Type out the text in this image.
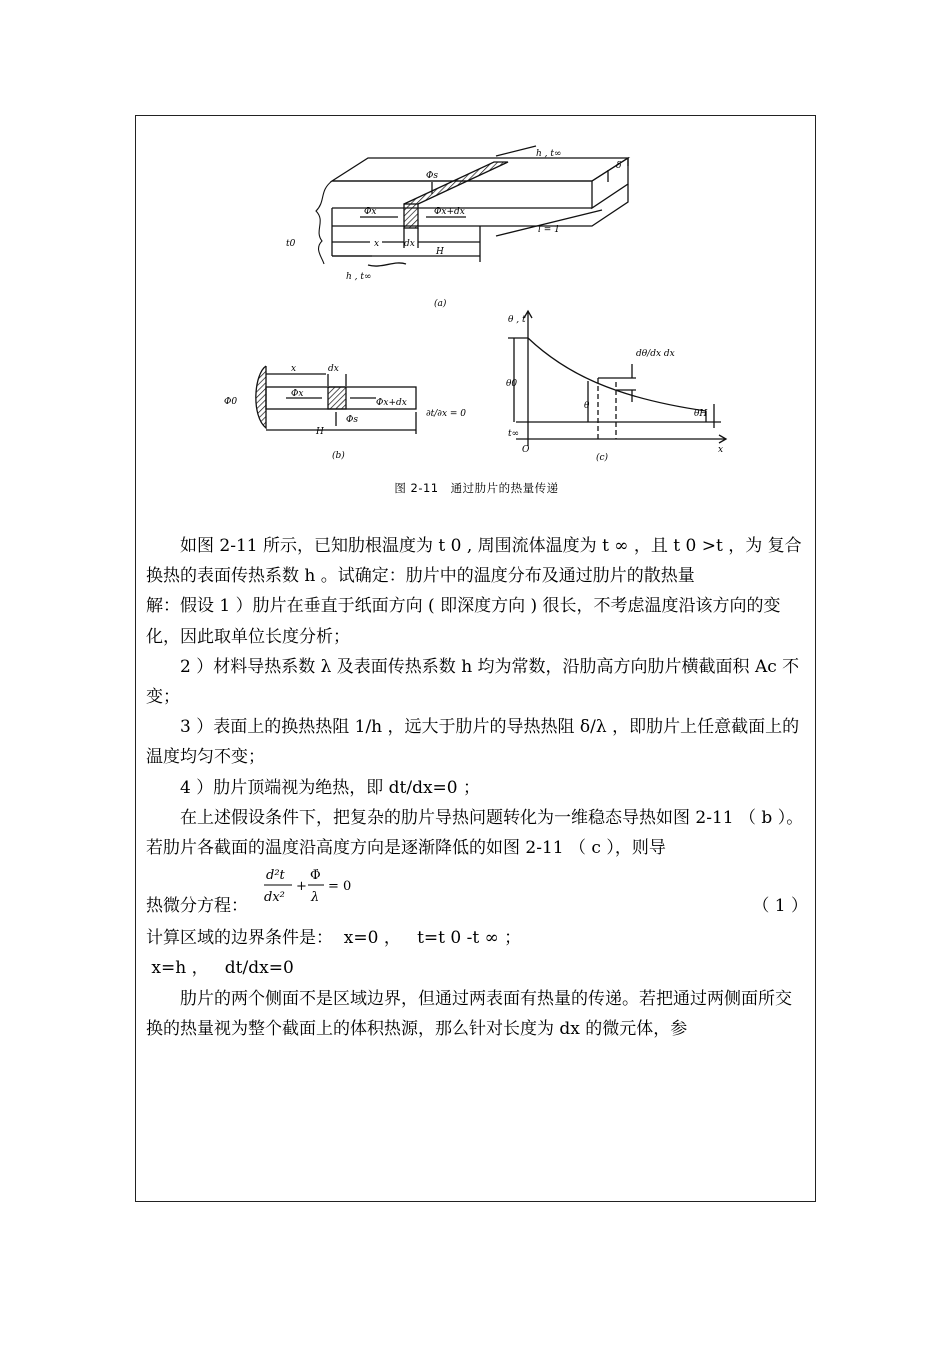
h , t∞
h , t∞
Φs
Φx	Φx+dx
δ
x	dx
H
l = 1
t0
(a)
Φ0
Φx
Φx+dx
Φs
x	dx
H
∂t/∂x = 0
(b)
θ , t
θ0
θ
θH
dθ/dx dx
t∞
O	x
(c)
图 2-11　通过肋片的热量传递

如图 2-11 所示，已知肋根温度为 t 0 , 周围流体温度为 t ∞ ，且 t 0 >t ，为 复合换热的表面传热系数 h 。试确定：肋片中的温度分布及通过肋片的散热量

解：假设 1 ）肋片在垂直于纸面方向 ( 即深度方向 ) 很长，不考虑温度沿该方向的变化，因此取单位长度分析；

2 ）材料导热系数 λ 及表面传热系数 h 均为常数，沿肋高方向肋片横截面积 Ac 不变；

3 ）表面上的换热热阻 1/h ，远大于肋片的导热热阻 δ/λ ，即肋片上任意截面上的温度均匀不变；

4 ）肋片顶端视为绝热，即 dt/dx=0 ；

在上述假设条件下，把复杂的肋片导热问题转化为一维稳态导热如图 2-11 （ b ）。若肋片各截面的温度沿高度方向是逐渐降低的如图 2-11 （ c ），则导

热微分方程：
d²t
dx²
+
Φ̇
λ
= 0
（ 1 ）

计算区域的边界条件是：  x=0 ，   t=t 0 -t ∞ ；

x=h ，   dt/dx=0

肋片的两个侧面不是区域边界，但通过两表面有热量的传递。若把通过两侧面所交换的热量视为整个截面上的体积热源，那么针对长度为 dx 的微元体，参
